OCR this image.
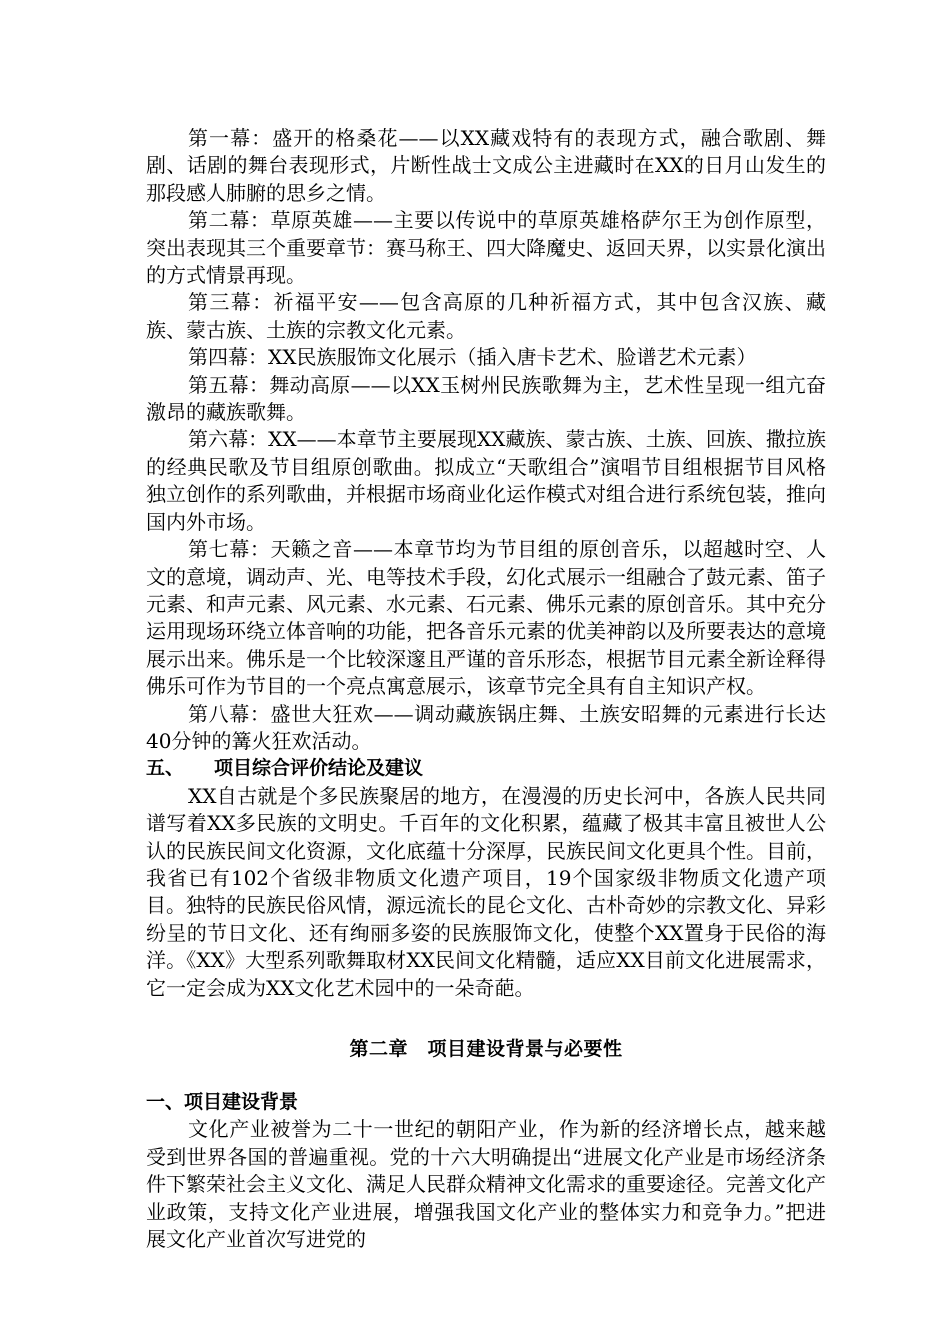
第一幕：盛开的格桑花——以XX藏戏特有的表现方式，融合歌剧、舞剧、话剧的舞台表现形式，片断性战士文成公主进藏时在XX的日月山发生的那段感人肺腑的思乡之情。

第二幕：草原英雄——主要以传说中的草原英雄格萨尔王为创作原型，突出表现其三个重要章节：赛马称王、四大降魔史、返回天界，以实景化演出的方式情景再现。

第三幕：祈福平安——包含高原的几种祈福方式，其中包含汉族、藏族、蒙古族、土族的宗教文化元素。

第四幕：XX民族服饰文化展示（插入唐卡艺术、脸谱艺术元素）

第五幕：舞动高原——以XX玉树州民族歌舞为主，艺术性呈现一组亢奋激昂的藏族歌舞。

第六幕：XX——本章节主要展现XX藏族、蒙古族、土族、回族、撒拉族的经典民歌及节目组原创歌曲。拟成立“天歌组合”演唱节目组根据节目风格独立创作的系列歌曲，并根据市场商业化运作模式对组合进行系统包装，推向国内外市场。

第七幕：天籁之音——本章节均为节目组的原创音乐，以超越时空、人文的意境，调动声、光、电等技术手段，幻化式展示一组融合了鼓元素、笛子元素、和声元素、风元素、水元素、石元素、佛乐元素的原创音乐。其中充分运用现场环绕立体音响的功能，把各音乐元素的优美神韵以及所要表达的意境展示出来。佛乐是一个比较深邃且严谨的音乐形态，根据节目元素全新诠释得佛乐可作为节目的一个亮点寓意展示，该章节完全具有自主知识产权。

第八幕：盛世大狂欢——调动藏族锅庄舞、土族安昭舞的元素进行长达40分钟的篝火狂欢活动。

五、 项目综合评价结论及建议

XX自古就是个多民族聚居的地方，在漫漫的历史长河中，各族人民共同谱写着XX多民族的文明史。千百年的文化积累，蕴藏了极其丰富且被世人公认的民族民间文化资源，文化底蕴十分深厚，民族民间文化更具个性。目前，我省已有102个省级非物质文化遗产项目，19个国家级非物质文化遗产项目。独特的民族民俗风情，源远流长的昆仑文化、古朴奇妙的宗教文化、异彩纷呈的节日文化、还有绚丽多姿的民族服饰文化，使整个XX置身于民俗的海洋。《XX》大型系列歌舞取材XX民间文化精髓，适应XX目前文化进展需求，它一定会成为XX文化艺术园中的一朵奇葩。

第二章　项目建设背景与必要性
一、项目建设背景

文化产业被誉为二十一世纪的朝阳产业，作为新的经济增长点，越来越受到世界各国的普遍重视。党的十六大明确提出“进展文化产业是市场经济条件下繁荣社会主义文化、满足人民群众精神文化需求的重要途径。完善文化产业政策，支持文化产业进展，增强我国文化产业的整体实力和竞争力。”把进展文化产业首次写进党的
